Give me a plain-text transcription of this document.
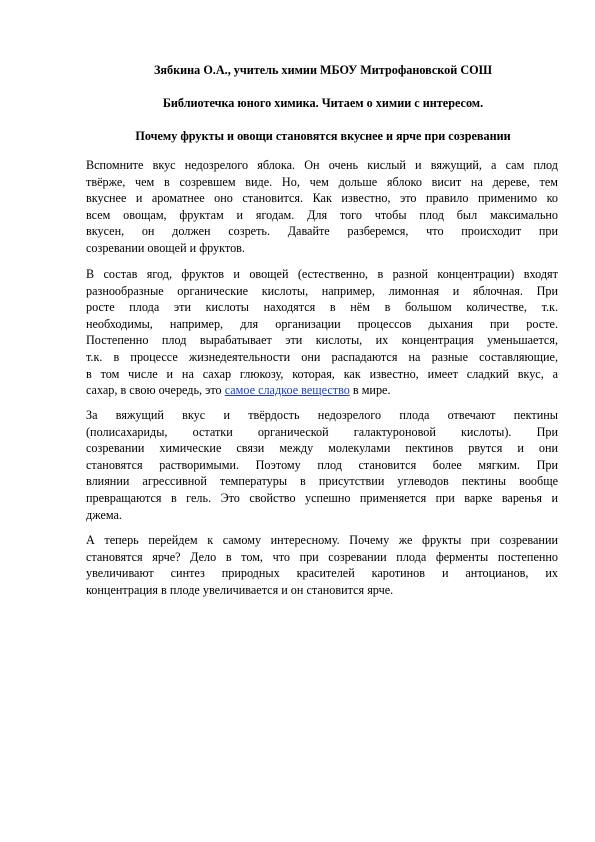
Зябкина О.А., учитель химии МБОУ Митрофановской СОШ
Библиотечка юного химика. Читаем о химии с интересом.
Почему фрукты и овощи становятся вкуснее и ярче при созревании
Вспомните вкус недозрелого яблока. Он очень кислый и вяжущий, а сам плод
твёрже, чем в созревшем виде. Но, чем дольше яблоко висит на дереве, тем
вкуснее и ароматнее оно становится. Как известно, это правило применимо ко
всем овощам, фруктам и ягодам. Для того чтобы плод был максимально
вкусен, он должен созреть. Давайте разберемся, что происходит при
созревании овощей и фруктов.
В состав ягод, фруктов и овощей (естественно, в разной концентрации) входят
разнообразные органические кислоты, например, лимонная и яблочная. При
росте плода эти кислоты находятся в нём в большом количестве, т.к.
необходимы, например, для организации процессов дыхания при росте.
Постепенно плод вырабатывает эти кислоты, их концентрация уменьшается,
т.к. в процессе жизнедеятельности они распадаются на разные составляющие,
в том числе и на сахар глюкозу, которая, как известно, имеет сладкий вкус, а
сахар, в свою очередь, это самое сладкое вещество в мире.
За вяжущий вкус и твёрдость недозрелого плода отвечают пектины
(полисахариды, остатки органической галактуроновой кислоты). При
созревании химические связи между молекулами пектинов рвутся и они
становятся растворимыми. Поэтому плод становится более мягким. При
влиянии агрессивной температуры в присутствии углеводов пектины вообще
превращаются в гель. Это свойство успешно применяется при варке варенья и
джема.
А теперь перейдем к самому интересному. Почему же фрукты при созревании
становятся ярче? Дело в том, что при созревании плода ферменты постепенно
увеличивают синтез природных красителей каротинов и антоцианов, их
концентрация в плоде увеличивается и он становится ярче.
